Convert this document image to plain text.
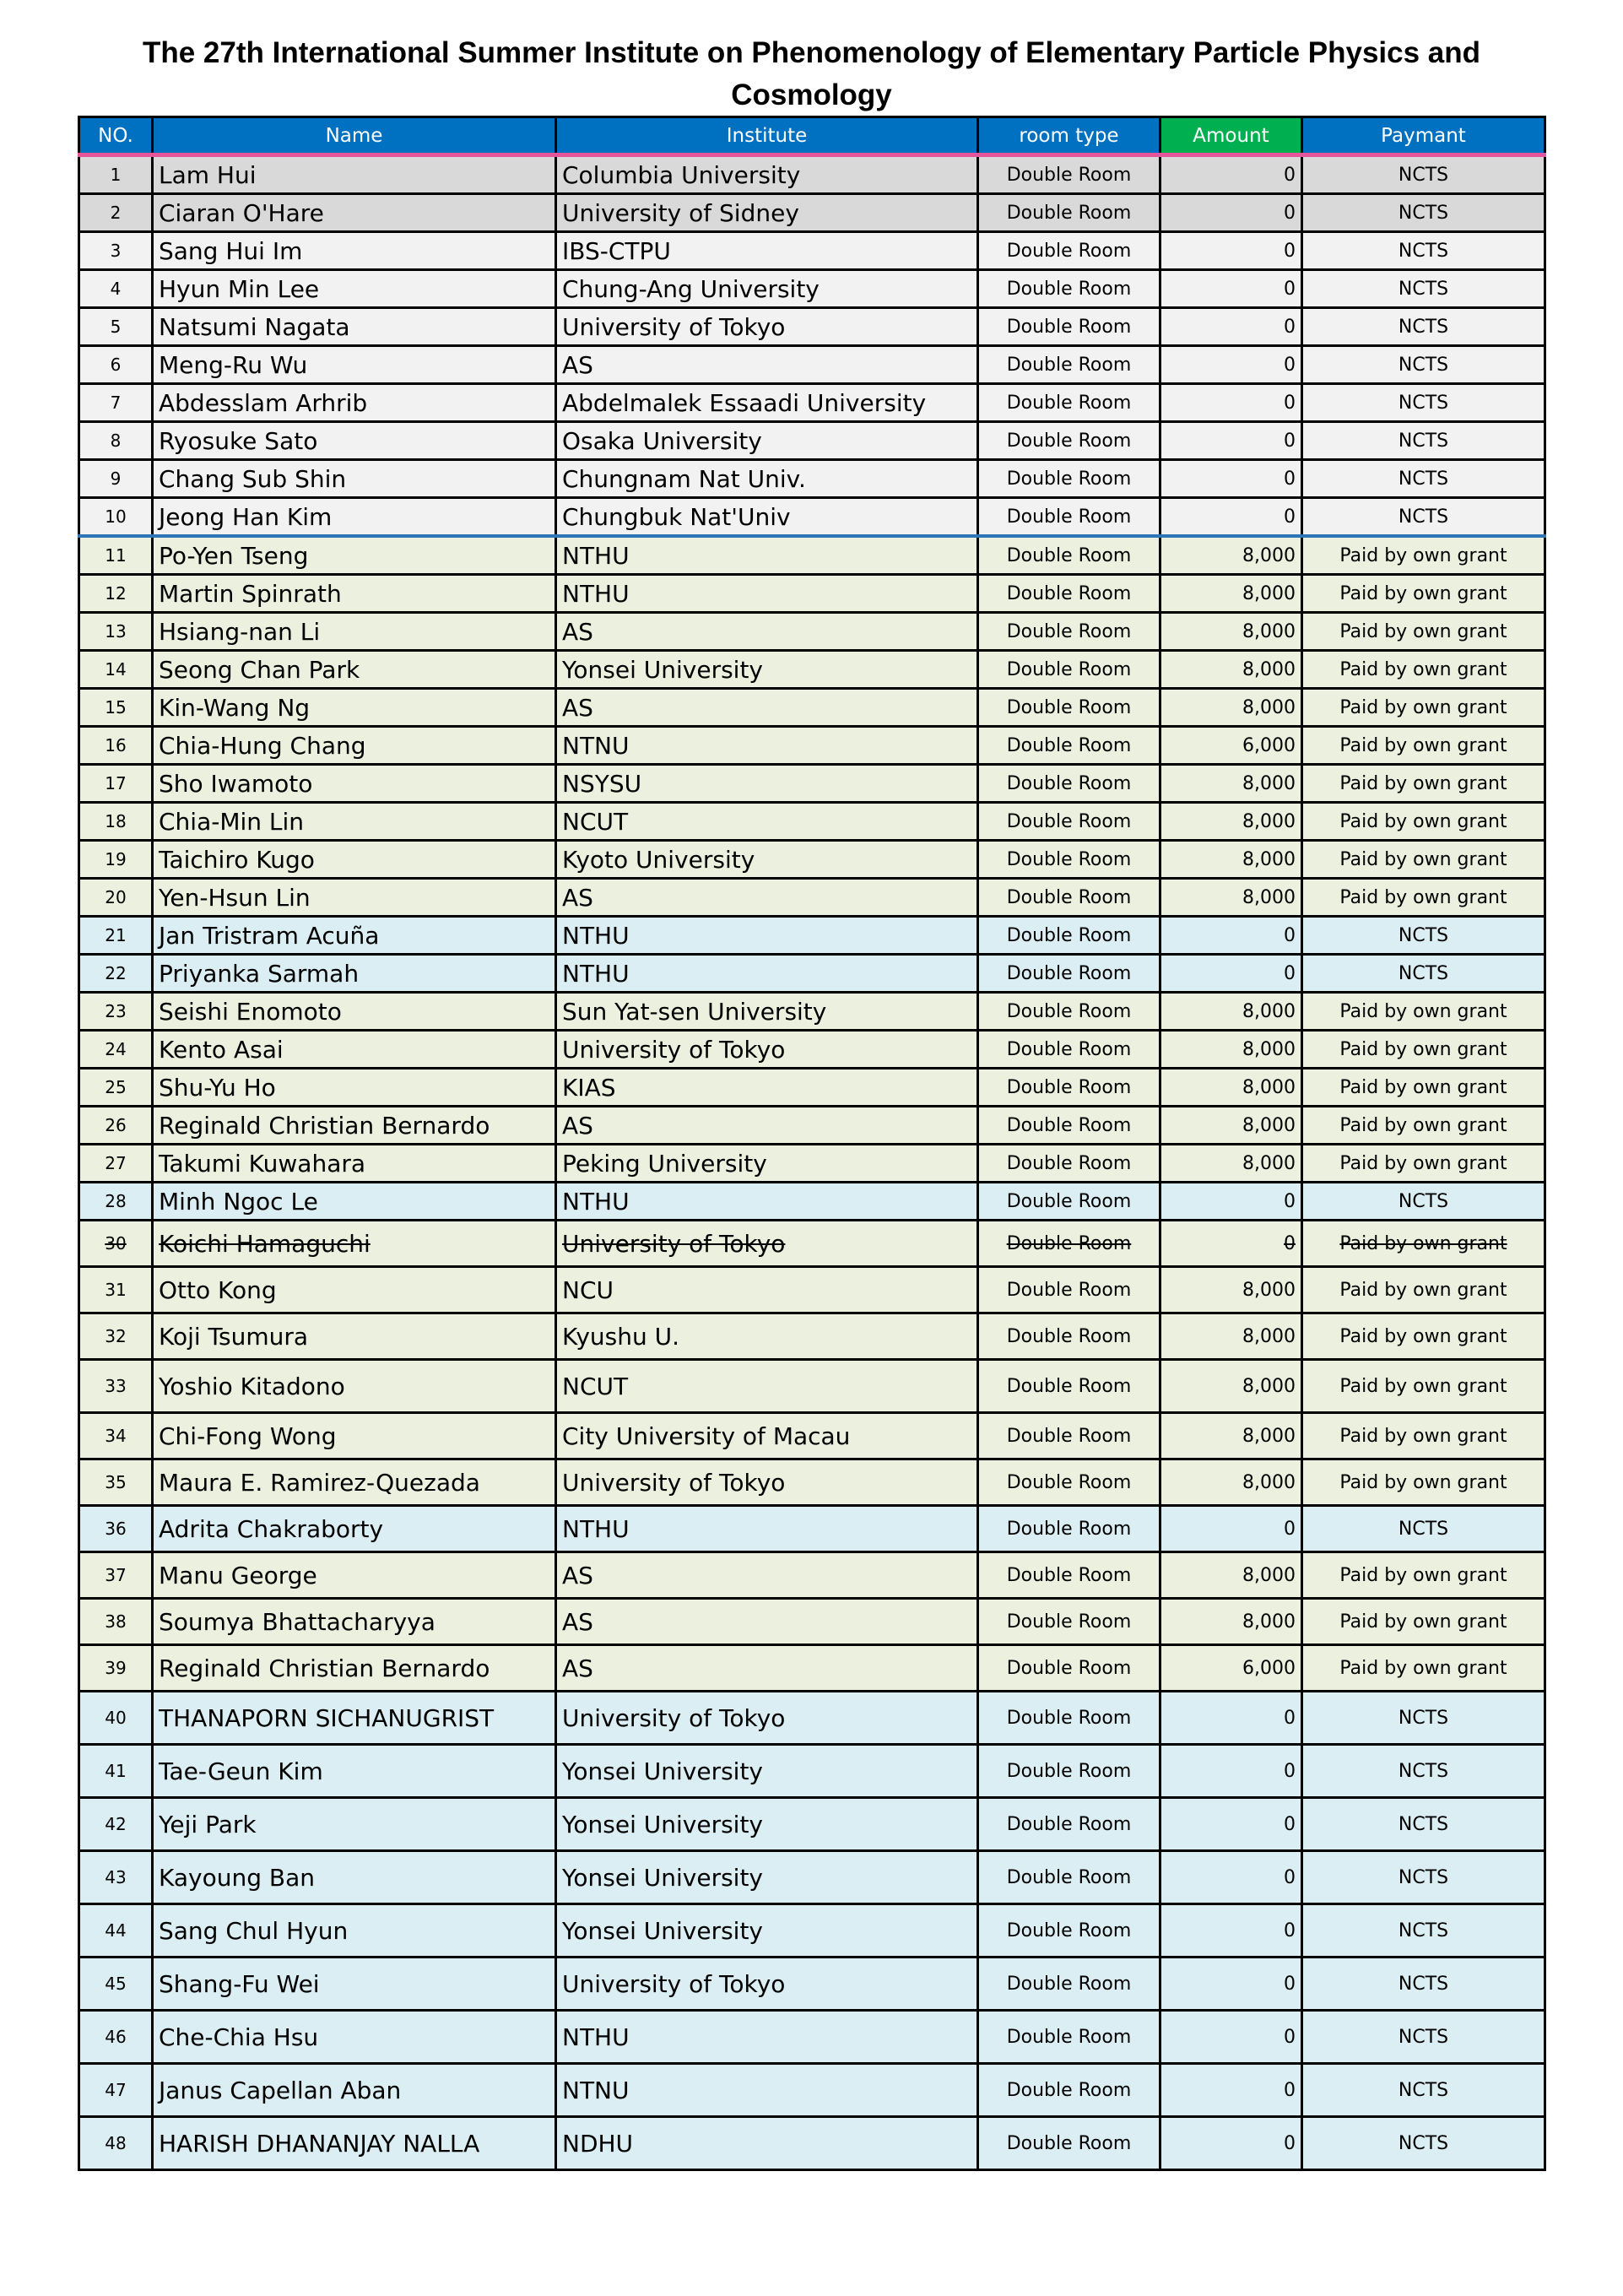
The 27th International Summer Institute on Phenomenology of Elementary Particle Physics and Cosmology
NO.	Name	Institute	room type	Amount	Paymant
1	Lam Hui	Columbia University	Double Room	0	NCTS
2	Ciaran O'Hare	University of Sidney	Double Room	0	NCTS
3	Sang Hui Im	IBS-CTPU	Double Room	0	NCTS
4	Hyun Min Lee	Chung-Ang University	Double Room	0	NCTS
5	Natsumi Nagata	University of Tokyo	Double Room	0	NCTS
6	Meng-Ru Wu	AS	Double Room	0	NCTS
7	Abdesslam Arhrib	Abdelmalek Essaadi University	Double Room	0	NCTS
8	Ryosuke Sato	Osaka University	Double Room	0	NCTS
9	Chang Sub Shin	Chungnam Nat Univ.	Double Room	0	NCTS
10	Jeong Han Kim	Chungbuk Nat'Univ	Double Room	0	NCTS
11	Po-Yen Tseng	NTHU	Double Room	8,000	Paid by own grant
12	Martin Spinrath	NTHU	Double Room	8,000	Paid by own grant
13	Hsiang-nan Li	AS	Double Room	8,000	Paid by own grant
14	Seong Chan Park	Yonsei University	Double Room	8,000	Paid by own grant
15	Kin-Wang Ng	AS	Double Room	8,000	Paid by own grant
16	Chia-Hung Chang	NTNU	Double Room	6,000	Paid by own grant
17	Sho Iwamoto	NSYSU	Double Room	8,000	Paid by own grant
18	Chia-Min Lin	NCUT	Double Room	8,000	Paid by own grant
19	Taichiro Kugo	Kyoto University	Double Room	8,000	Paid by own grant
20	Yen-Hsun Lin	AS	Double Room	8,000	Paid by own grant
21	Jan Tristram Acuña	NTHU	Double Room	0	NCTS
22	Priyanka Sarmah	NTHU	Double Room	0	NCTS
23	Seishi Enomoto	Sun Yat-sen University	Double Room	8,000	Paid by own grant
24	Kento Asai	University of Tokyo	Double Room	8,000	Paid by own grant
25	Shu-Yu Ho	KIAS	Double Room	8,000	Paid by own grant
26	Reginald Christian Bernardo	AS	Double Room	8,000	Paid by own grant
27	Takumi Kuwahara	Peking University	Double Room	8,000	Paid by own grant
28	Minh Ngoc Le	NTHU	Double Room	0	NCTS
30	Koichi Hamaguchi	University of Tokyo	Double Room	0	Paid by own grant
31	Otto Kong	NCU	Double Room	8,000	Paid by own grant
32	Koji Tsumura	Kyushu U.	Double Room	8,000	Paid by own grant
33	Yoshio Kitadono	NCUT	Double Room	8,000	Paid by own grant
34	Chi-Fong Wong	City University of Macau	Double Room	8,000	Paid by own grant
35	Maura E. Ramirez-Quezada	University of Tokyo	Double Room	8,000	Paid by own grant
36	Adrita Chakraborty	NTHU	Double Room	0	NCTS
37	Manu George	AS	Double Room	8,000	Paid by own grant
38	Soumya Bhattacharyya	AS	Double Room	8,000	Paid by own grant
39	Reginald Christian Bernardo	AS	Double Room	6,000	Paid by own grant
40	THANAPORN SICHANUGRIST	University of Tokyo	Double Room	0	NCTS
41	Tae-Geun Kim	Yonsei University	Double Room	0	NCTS
42	Yeji Park	Yonsei University	Double Room	0	NCTS
43	Kayoung Ban	Yonsei University	Double Room	0	NCTS
44	Sang Chul Hyun	Yonsei University	Double Room	0	NCTS
45	Shang-Fu Wei	University of Tokyo	Double Room	0	NCTS
46	Che-Chia Hsu	NTHU	Double Room	0	NCTS
47	Janus Capellan Aban	NTNU	Double Room	0	NCTS
48	HARISH DHANANJAY NALLA	NDHU	Double Room	0	NCTS
